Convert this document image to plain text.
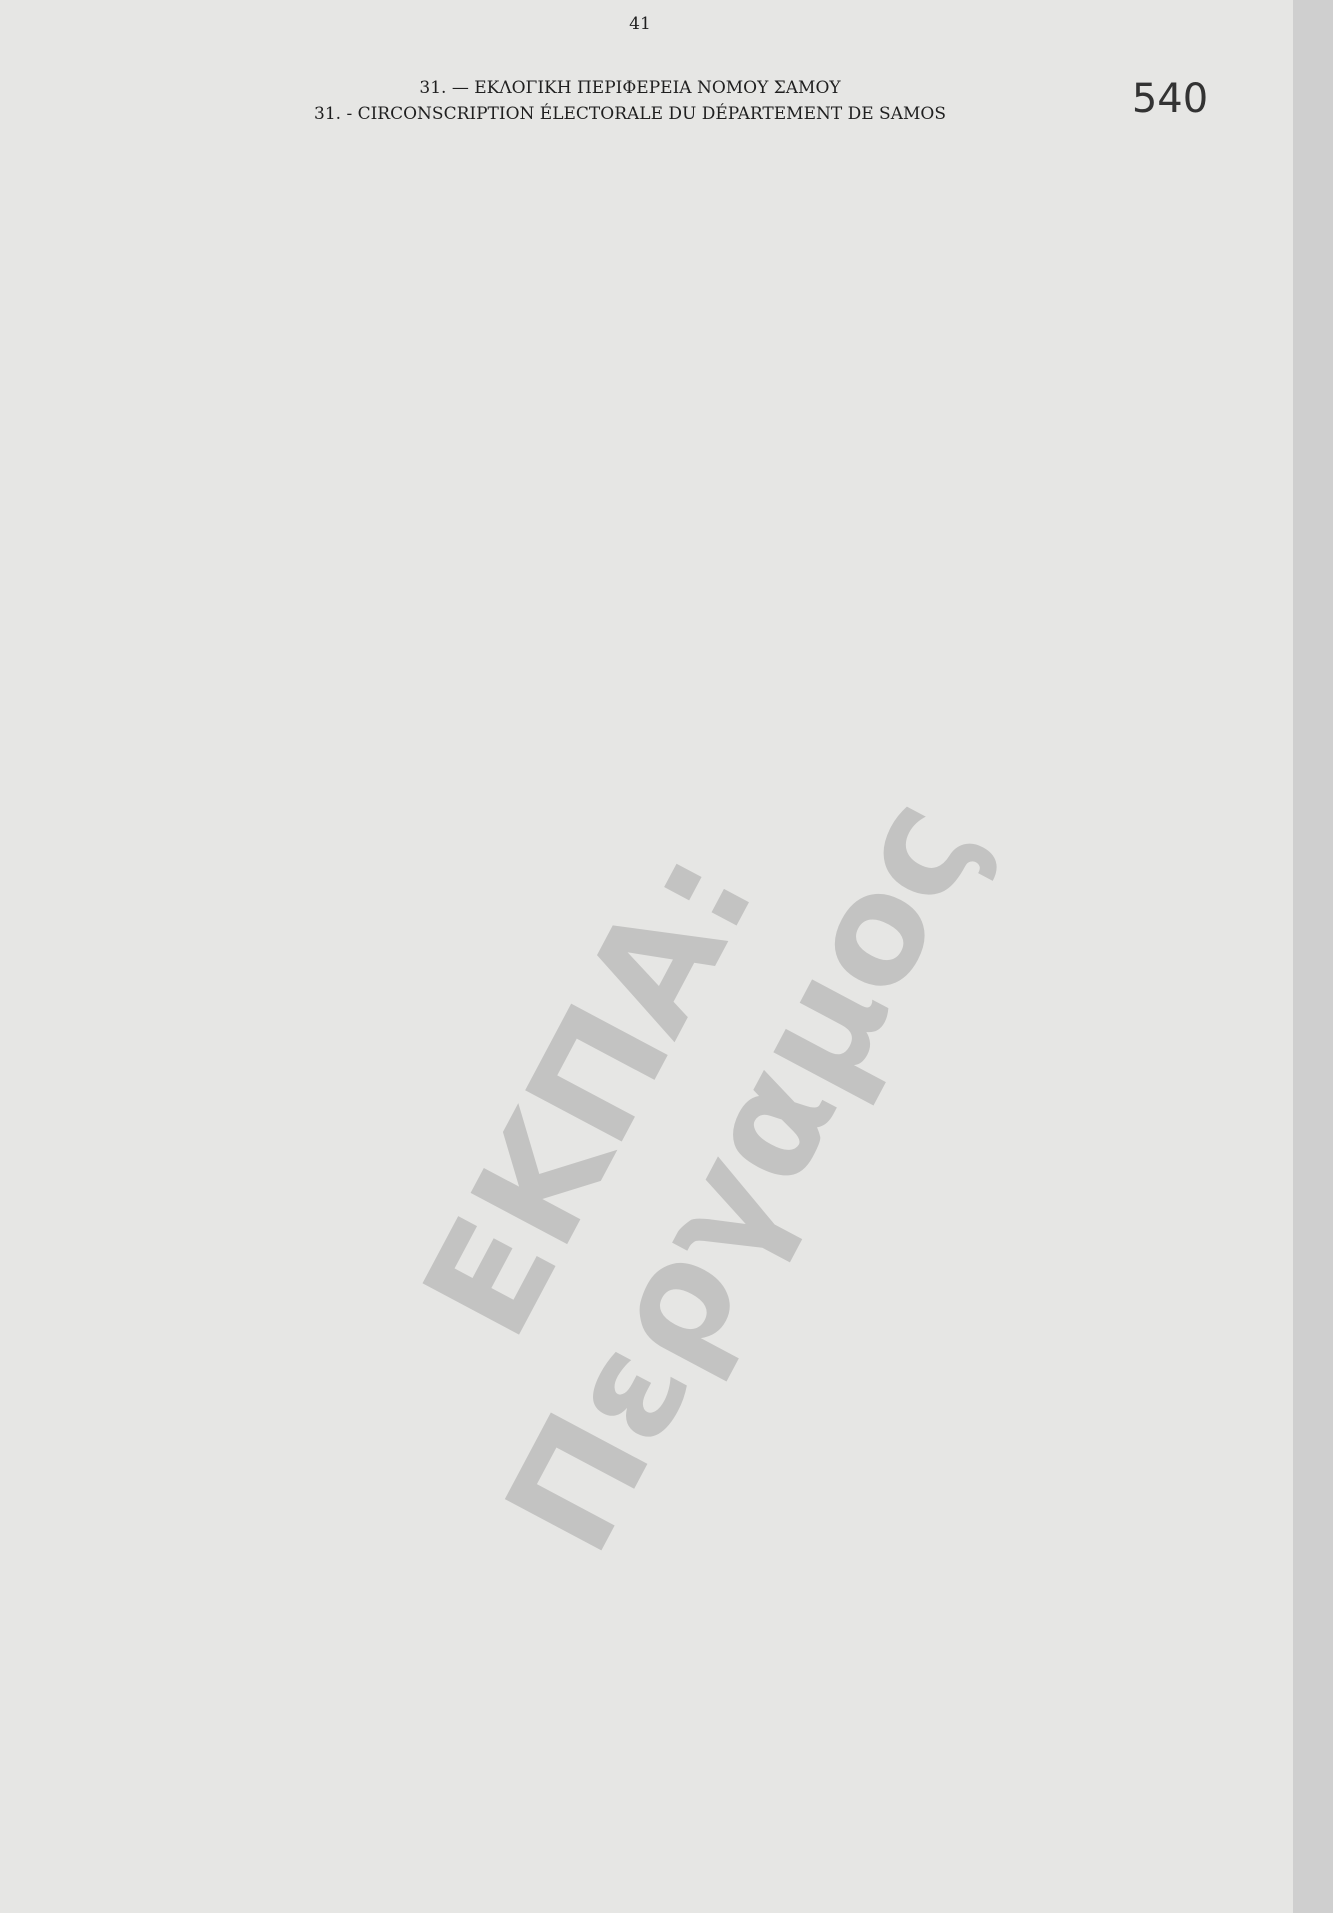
41
31. — ΕΚΛΟΓΙΚΗ ΠΕΡΙΦΕΡΕΙΑ ΝΟΜΟΥ ΣΑΜΟΥ
31. - CIRCONSCRIPTION ÉLECTORALE DU DÉPARTEMENT DE SAMOS	540
ΕΚΠΑ: Περγαμος
